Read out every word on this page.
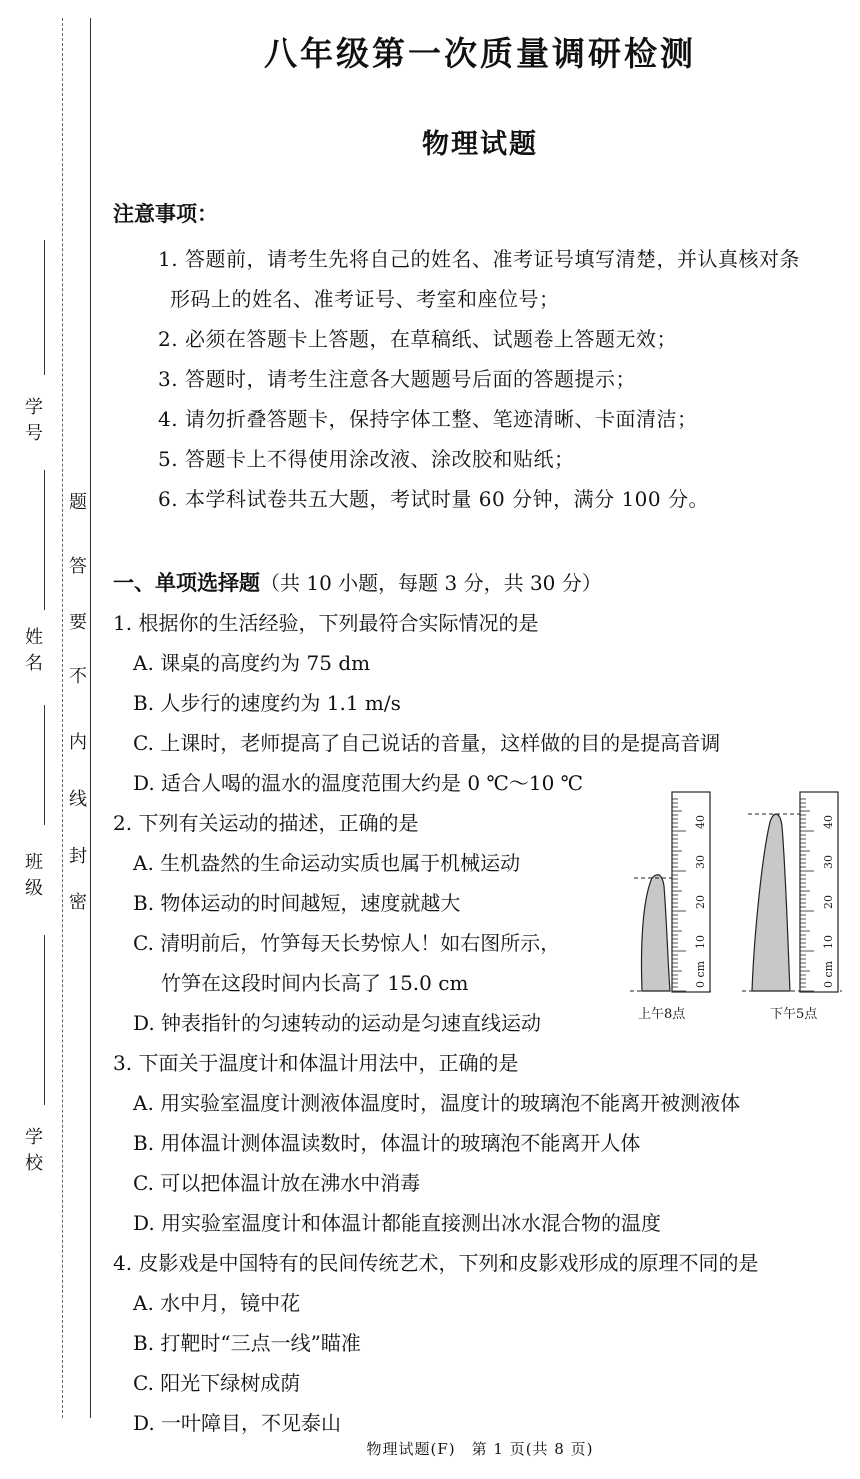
学号
姓名
班级
学校
密
封
线
内
不
要
答
题
八年级第一次质量调研检测
物理试题
注意事项：
1. 答题前，请考生先将自己的姓名、准考证号填写清楚，并认真核对条
形码上的姓名、准考证号、考室和座位号；
2. 必须在答题卡上答题，在草稿纸、试题卷上答题无效；
3. 答题时，请考生注意各大题题号后面的答题提示；
4. 请勿折叠答题卡，保持字体工整、笔迹清晰、卡面清洁；
5. 答题卡上不得使用涂改液、涂改胶和贴纸；
6. 本学科试卷共五大题，考试时量 60 分钟，满分 100 分。
一、单项选择题（共 10 小题，每题 3 分，共 30 分）
1. 根据你的生活经验，下列最符合实际情况的是
A. 课桌的高度约为 75 dm
B. 人步行的速度约为 1.1 m/s
C. 上课时，老师提高了自己说话的音量，这样做的目的是提高音调
D. 适合人喝的温水的温度范围大约是 0 ℃～10 ℃
2. 下列有关运动的描述，正确的是
A. 生机盎然的生命运动实质也属于机械运动
B. 物体运动的时间越短，速度就越大
C. 清明前后，竹笋每天长势惊人！如右图所示，
竹笋在这段时间内长高了 15.0 cm
D. 钟表指针的匀速转动的运动是匀速直线运动
3. 下面关于温度计和体温计用法中，正确的是
A. 用实验室温度计测液体温度时，温度计的玻璃泡不能离开被测液体
B. 用体温计测体温读数时，体温计的玻璃泡不能离开人体
C. 可以把体温计放在沸水中消毒
D. 用实验室温度计和体温计都能直接测出冰水混合物的温度
4. 皮影戏是中国特有的民间传统艺术，下列和皮影戏形成的原理不同的是
A. 水中月，镜中花
B. 打靶时“三点一线”瞄准
C. 阳光下绿树成荫
D. 一叶障目，不见泰山
0 cm
10
20
30
40
上午8点
0 cm
10
20
30
40
下午5点
物理试题(F)　第 1 页(共 8 页)
